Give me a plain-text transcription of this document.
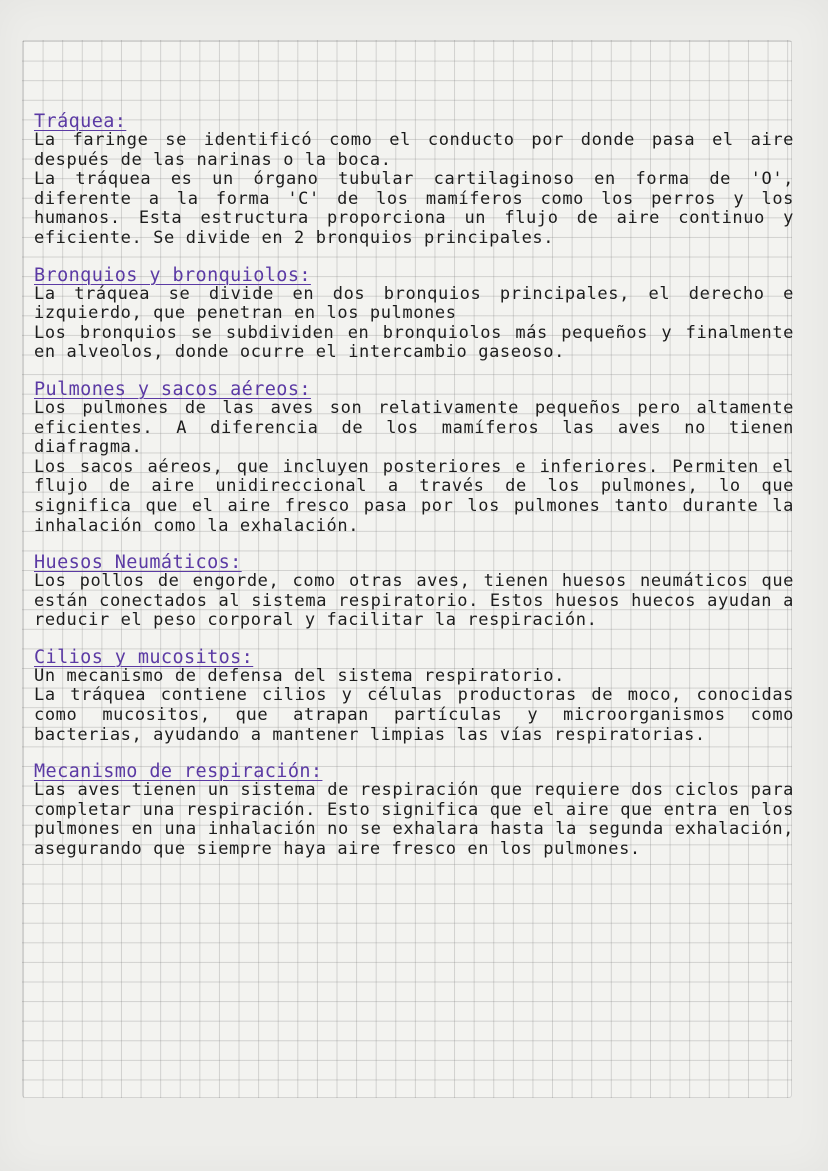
Tráquea:

La faringe se identificó como el conducto por donde pasa el aire después de las narinas o la boca.

La tráquea es un órgano tubular cartilaginoso en forma de 'O', diferente a la forma 'C' de los mamíferos como los perros y los humanos. Esta estructura proporciona un flujo de aire continuo y eficiente. Se divide en 2 bronquios principales.

Bronquios y bronquiolos:

La tráquea se divide en dos bronquios principales, el derecho e izquierdo, que penetran en los pulmones

Los bronquios se subdividen en bronquiolos más pequeños y finalmente en alveolos, donde ocurre el intercambio gaseoso.

Pulmones y sacos aéreos:

Los pulmones de las aves son relativamente pequeños pero altamente eficientes. A diferencia de los mamíferos las aves no tienen diafragma.

Los sacos aéreos, que incluyen posteriores e inferiores. Permiten el flujo de aire unidireccional a través de los pulmones, lo que significa que el aire fresco pasa por los pulmones tanto durante la inhalación como la exhalación.

Huesos Neumáticos:

Los pollos de engorde, como otras aves, tienen huesos neumáticos que están conectados al sistema respiratorio. Estos huesos huecos ayudan a reducir el peso corporal y facilitar la respiración.

Cilios y mucositos:

Un mecanismo de defensa del sistema respiratorio.

La tráquea contiene cilios y células productoras de moco, conocidas como mucositos, que atrapan partículas y microorganismos como bacterias, ayudando a mantener limpias las vías respiratorias.

Mecanismo de respiración:

Las aves tienen un sistema de respiración que requiere dos ciclos para completar una respiración. Esto significa que el aire que entra en los pulmones en una inhalación no se exhalara hasta la segunda exhalación, asegurando que siempre haya aire fresco en los pulmones.
